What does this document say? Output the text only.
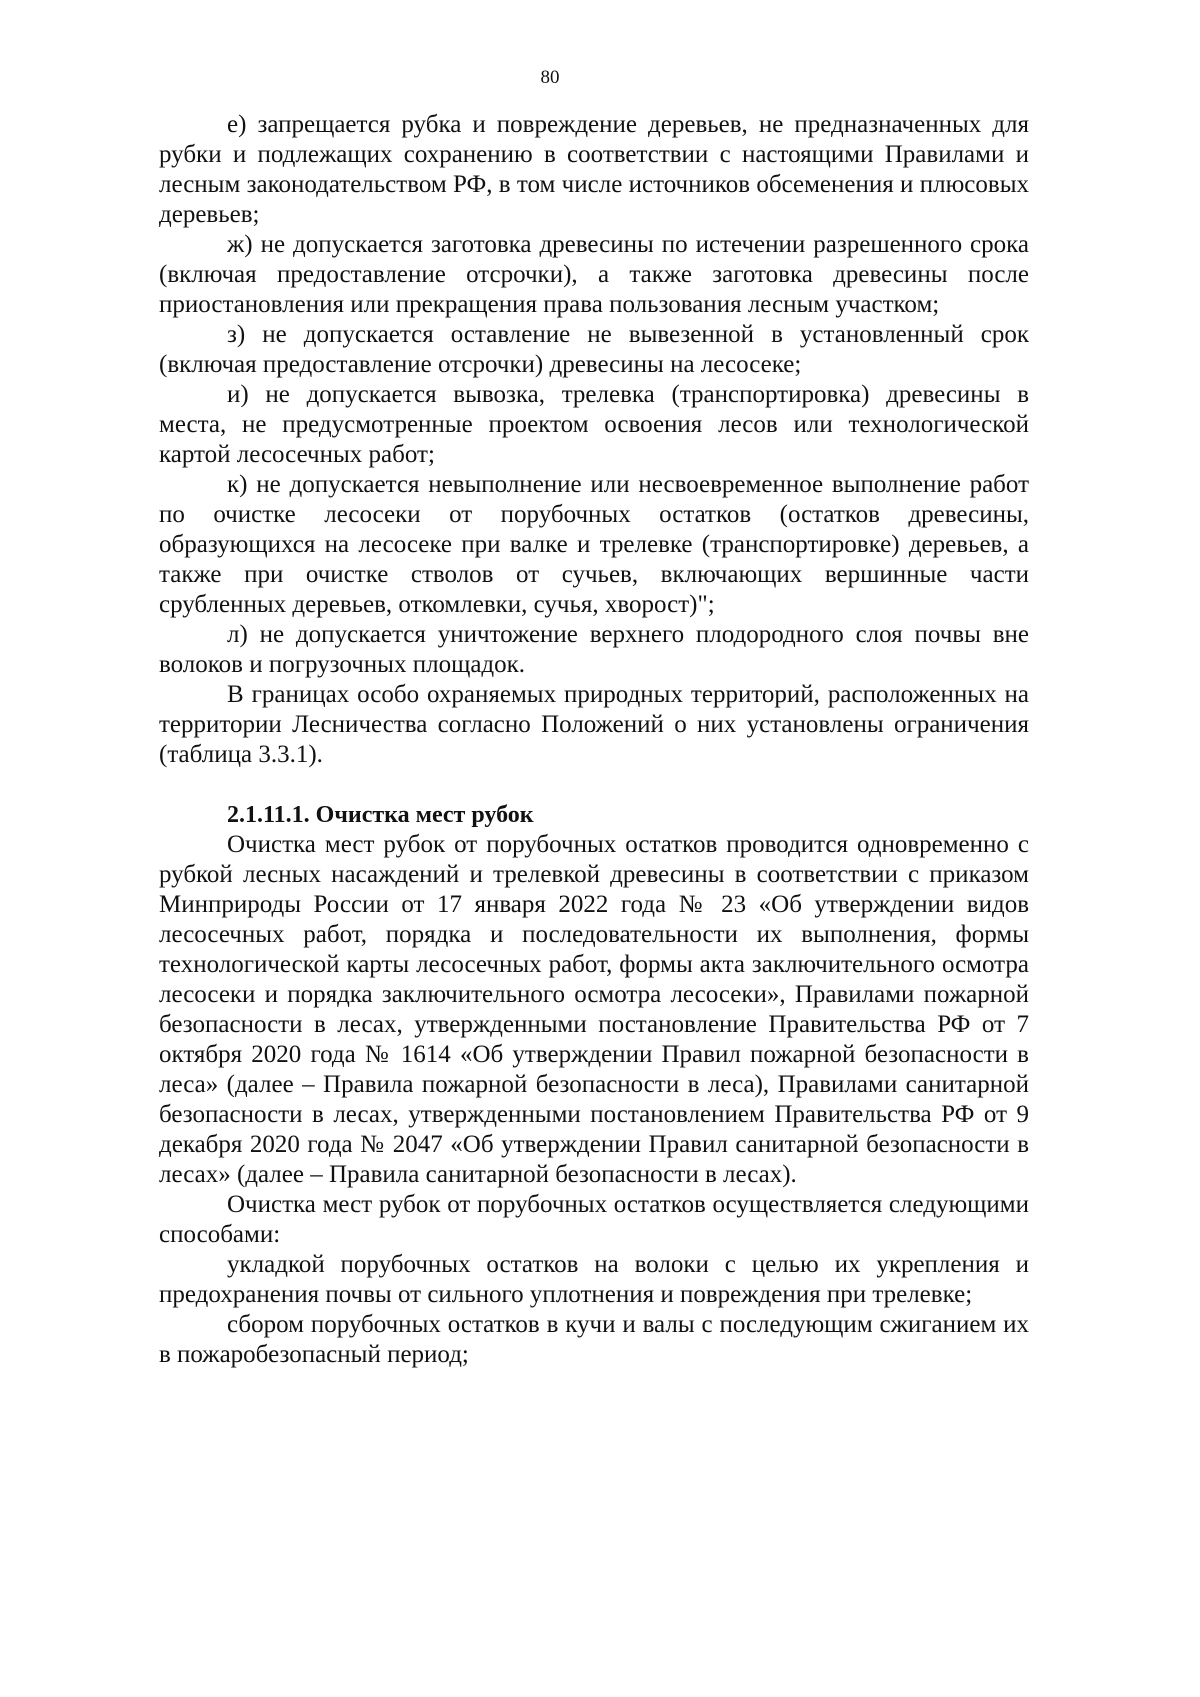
80

е) запрещается рубка и повреждение деревьев, не предназначенных для рубки и подлежащих сохранению в соответствии с настоящими Правилами и лесным законодательством РФ, в том числе источников обсеменения и плюсовых деревьев;

ж) не допускается заготовка древесины по истечении разрешенного срока (включая предоставление отсрочки), а также заготовка древесины после приостановления или прекращения права пользования лесным участком;

з) не допускается оставление не вывезенной в установленный срок (включая предоставление отсрочки) древесины на лесосеке;

и) не допускается вывозка, трелевка (транспортировка) древесины в места, не предусмотренные проектом освоения лесов или технологической картой лесосечных работ;

к) не допускается невыполнение или несвоевременное выполнение работ по очистке лесосеки от порубочных остатков (остатков древесины, образующихся на лесосеке при валке и трелевке (транспортировке) деревьев, а также при очистке стволов от сучьев, включающих вершинные части срубленных деревьев, откомлевки, сучья, хворост)";

л) не допускается уничтожение верхнего плодородного слоя почвы вне волоков и погрузочных площадок.

В границах особо охраняемых природных территорий, расположенных на территории Лесничества согласно Положений о них установлены ограничения (таблица 3.3.1).

2.1.11.1. Очистка мест рубок

Очистка мест рубок от порубочных остатков проводится одновременно с рубкой лесных насаждений и трелевкой древесины в соответствии с приказом Минприроды России от 17 января 2022 года № 23 «Об утверждении видов лесосечных работ, порядка и последовательности их выполнения, формы технологической карты лесосечных работ, формы акта заключительного осмотра лесосеки и порядка заключительного осмотра лесосеки», Правилами пожарной безопасности в лесах, утвержденными постановление Правительства РФ от 7 октября 2020 года № 1614 «Об утверждении Правил пожарной безопасности в леса» (далее – Правила пожарной безопасности в леса), Правилами санитарной безопасности в лесах, утвержденными постановлением Правительства РФ от 9 декабря 2020 года № 2047 «Об утверждении Правил санитарной безопасности в лесах» (далее – Правила санитарной безопасности в лесах).

Очистка мест рубок от порубочных остатков осуществляется следующими способами:

укладкой порубочных остатков на волоки с целью их укрепления и предохранения почвы от сильного уплотнения и повреждения при трелевке;

сбором порубочных остатков в кучи и валы с последующим сжиганием их в пожаробезопасный период;
